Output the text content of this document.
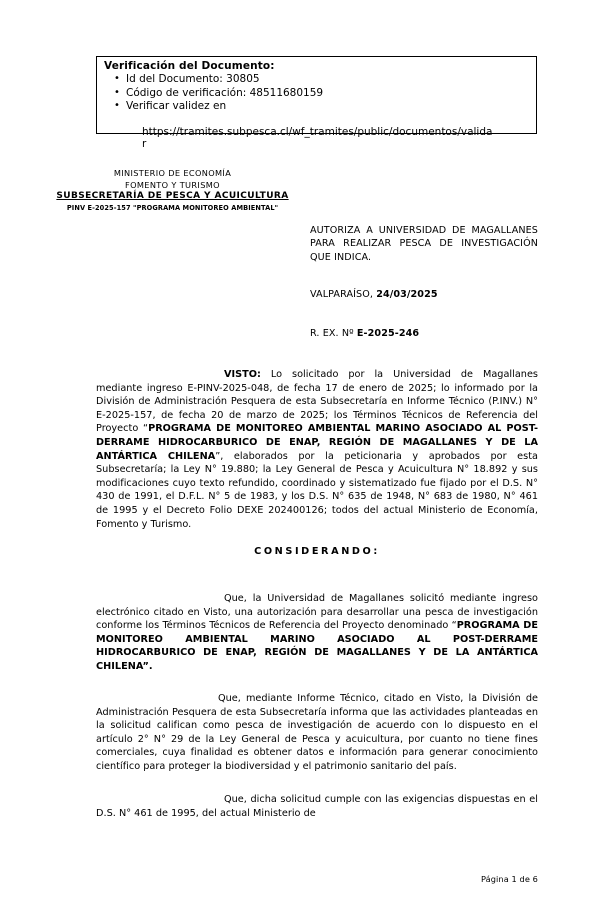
Verificación del Documento:
• Id del Documento: 30805
• Código de verificación: 48511680159
• Verificar validez en
https://tramites.subpesca.cl/wf_tramites/public/documentos/valida
r
MINISTERIO DE ECONOMÍA
FOMENTO Y TURISMO
SUBSECRETARÍA DE PESCA Y ACUICULTURA
PINV E-2025-157 "PROGRAMA MONITOREO AMBIENTAL"
AUTORIZA A UNIVERSIDAD DE MAGALLANES PARA REALIZAR PESCA DE INVESTIGACIÓN QUE INDICA.
VALPARAÍSO, 24/03/2025
R. EX. Nº E-2025-246
VISTO: Lo solicitado por la Universidad de Magallanes mediante ingreso E-PINV-2025-048, de fecha 17 de enero de 2025; lo informado por la División de Administración Pesquera de esta Subsecretaría en Informe Técnico (P.INV.) N° E-2025-157, de fecha 20 de marzo de 2025; los Términos Técnicos de Referencia del Proyecto “PROGRAMA DE MONITOREO AMBIENTAL MARINO ASOCIADO AL POST-DERRAME HIDROCARBURICO DE ENAP, REGIÓN DE MAGALLANES Y DE LA ANTÁRTICA CHILENA”, elaborados por la peticionaria y aprobados por esta Subsecretaría; la Ley N° 19.880; la Ley General de Pesca y Acuicultura N° 18.892 y sus modificaciones cuyo texto refundido, coordinado y sistematizado fue fijado por el D.S. N° 430 de 1991, el D.F.L. N° 5 de 1983, y los D.S. N° 635 de 1948, N° 683 de 1980, N° 461 de 1995 y el Decreto Folio DEXE 202400126; todos del actual Ministerio de Economía, Fomento y Turismo.
CONSIDERANDO:
Que, la Universidad de Magallanes solicitó mediante ingreso electrónico citado en Visto, una autorización para desarrollar una pesca de investigación conforme los Términos Técnicos de Referencia del Proyecto denominado “PROGRAMA DE MONITOREO AMBIENTAL MARINO ASOCIADO AL POST-DERRAME HIDROCARBURICO DE ENAP, REGIÓN DE MAGALLANES Y DE LA ANTÁRTICA CHILENA”.
Que, mediante Informe Técnico, citado en Visto, la División de Administración Pesquera de esta Subsecretaría informa que las actividades planteadas en la solicitud califican como pesca de investigación de acuerdo con lo dispuesto en el artículo 2° N° 29 de la Ley General de Pesca y acuicultura, por cuanto no tiene fines comerciales, cuya finalidad es obtener datos e información para generar conocimiento científico para proteger la biodiversidad y el patrimonio sanitario del país.
Que, dicha solicitud cumple con las exigencias dispuestas en el D.S. N° 461 de 1995, del actual Ministerio de
Página 1 de 6
